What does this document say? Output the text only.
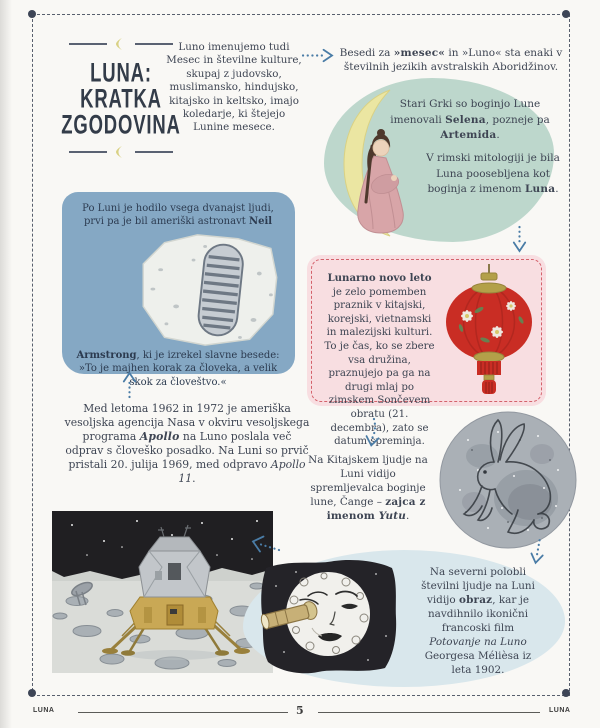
LUNA:
KRATKA
ZGODOVINA
Luno imenujemo tudi Mesec in številne kulture, skupaj z judovsko, muslimansko, hindujsko, kitajsko in keltsko, imajo koledarje, ki štejejo Lunine mesece.
Besedi za »mesec« in »Luno« sta enaki v številnih jezikih avstralskih Aboridžinov.
Stari Grki so boginjo Lune imenovali Selena, pozneje pa Artemida.
V rimski mitologiji je bila Luna poosebljena kot boginja z imenom Luna.

Po Luni je hodilo vsega dvanajst ljudi, prvi pa je bil ameriški astronavt
Neil Armstrong, ki je izrekel slavne besede: »To je majhen korak za človeka, a velik skok za človeštvo.«

Lunarno novo leto je zelo pomemben praznik v kitajski, korejski, vietnamski in malezijski kulturi. To je čas, ko se zbere vsa družina, praznujejo pa ga na drugi mlaj po zimskem Sončevem obratu (21. decembra), zato se datum spreminja.
Med letoma 1962 in 1972 je ameriška vesoljska agencija Nasa v okviru vesoljskega programa Apollo na Luno poslala več odprav s človeško posadko. Na Luni so prvič pristali 20. julija 1969, med odpravo Apollo 11.
Na Kitajskem ljudje na Luni vidijo spremljevalca boginje lune, Čange – zajca z imenom Yutu.
Na severni polobli številni ljudje na Luni vidijo obraz, kar je navdihnilo ikonični francoski film Potovanje na Luno Georgesa Mélièsa iz leta 1902.
LUNA	5	LUNA
